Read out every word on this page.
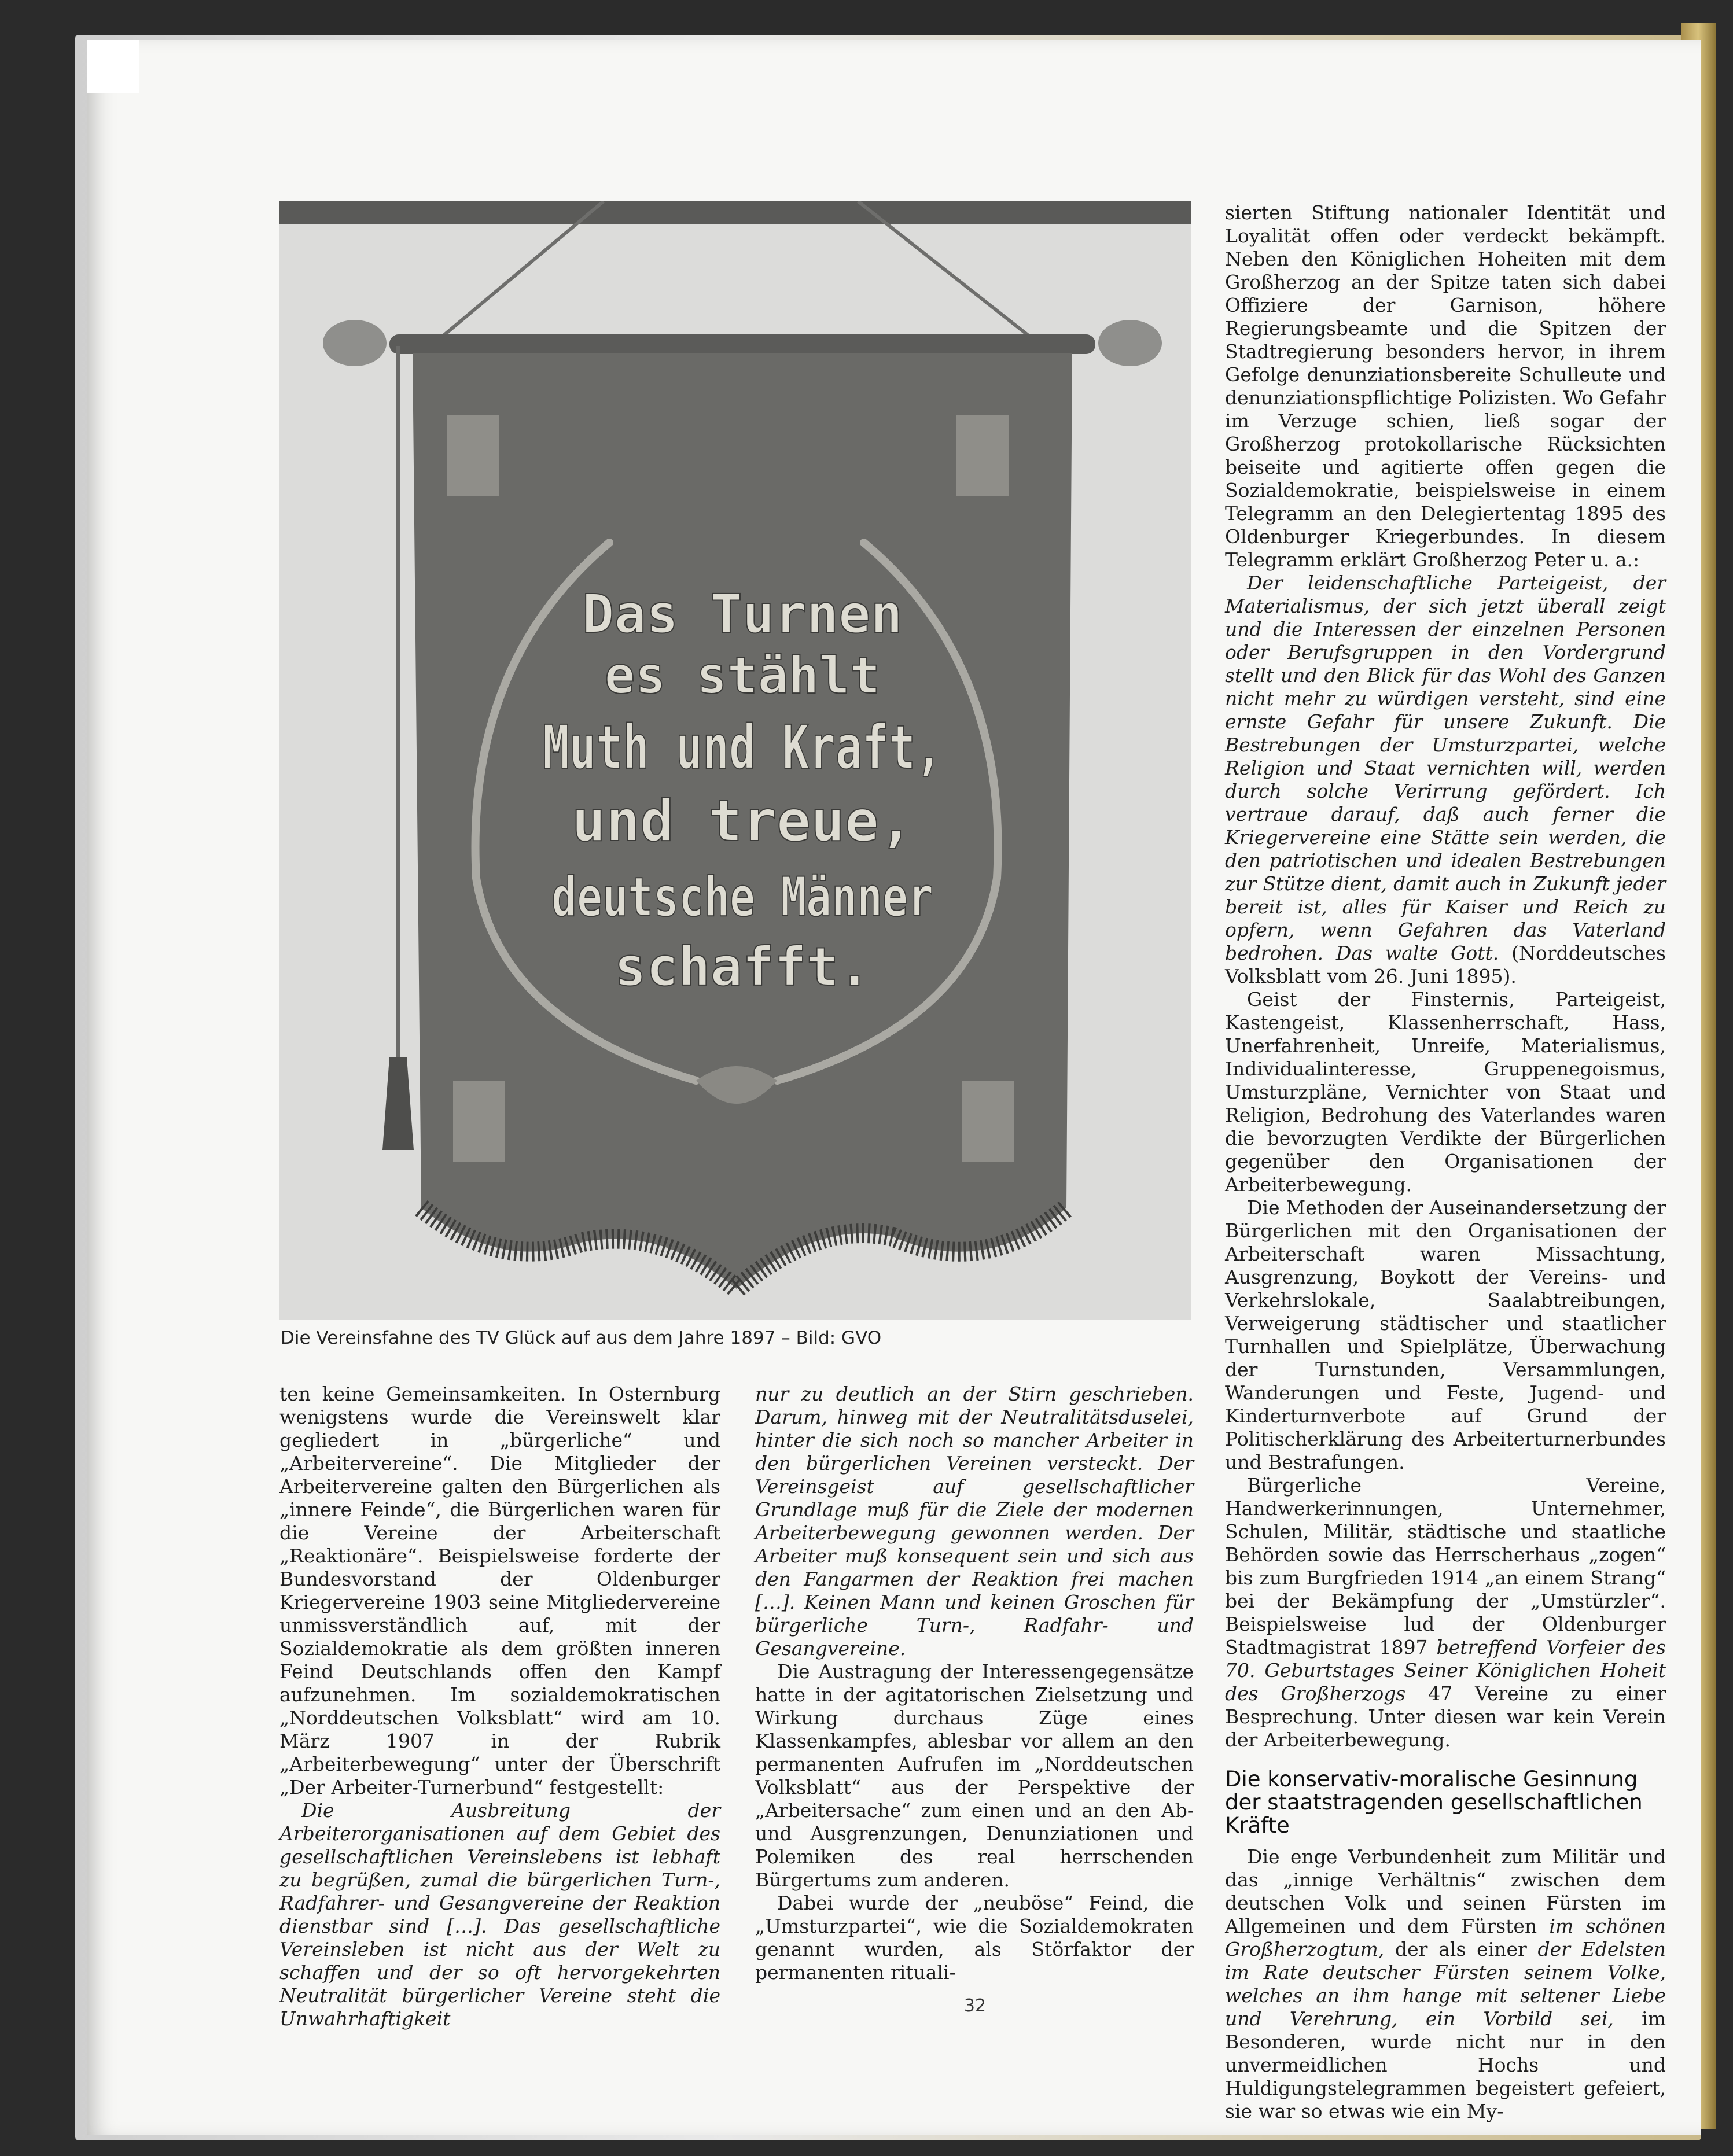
Das Turnen
es stählt
Muth und Kraft,
und treue,
deutsche Männer
schafft.
Die Vereinsfahne des TV Glück auf aus dem Jahre 1897 – Bild: GVO

ten keine Gemeinsamkeiten. In Osternburg wenigstens wurde die Vereinswelt klar gegliedert in „bürgerliche“ und „Arbeitervereine“. Die Mitglieder der Arbeitervereine galten den Bürgerlichen als „innere Feinde“, die Bürgerlichen waren für die Vereine der Arbeiterschaft „Reaktionäre“. Beispielsweise forderte der Bundesvorstand der Oldenburger Kriegervereine 1903 seine Mitgliedervereine unmissverständlich auf, mit der Sozialdemokratie als dem größten inneren Feind Deutschlands offen den Kampf aufzunehmen. Im sozialdemokratischen „Norddeutschen Volksblatt“ wird am 10. März 1907 in der Rubrik „Arbeiterbewegung“ unter der Überschrift „Der Arbeiter-Turnerbund“ festgestellt:

Die Ausbreitung der Arbeiterorganisationen auf dem Gebiet des gesellschaftlichen Vereinslebens ist lebhaft zu begrüßen, zumal die bürgerlichen Turn-, Radfahrer- und Gesangvereine der Reaktion dienstbar sind […]. Das gesellschaftliche Vereinsleben ist nicht aus der Welt zu schaffen und der so oft hervorgekehrten Neutralität bürgerlicher Vereine steht die Unwahrhaftigkeit

nur zu deutlich an der Stirn geschrieben. Darum, hinweg mit der Neutralitätsduselei, hinter die sich noch so mancher Arbeiter in den bürgerlichen Vereinen versteckt. Der Vereinsgeist auf gesellschaftlicher Grundlage muß für die Ziele der modernen Arbeiterbewegung gewonnen werden. Der Arbeiter muß konsequent sein und sich aus den Fangarmen der Reaktion frei machen […]. Keinen Mann und keinen Groschen für bürgerliche Turn-, Radfahr- und Gesangvereine.

Die Austragung der Interessengegensätze hatte in der agitatorischen Zielsetzung und Wirkung durchaus Züge eines Klassenkampfes, ablesbar vor allem an den permanenten Aufrufen im „Norddeutschen Volksblatt“ aus der Perspektive der „Arbeitersache“ zum einen und an den Ab- und Ausgrenzungen, Denunziationen und Polemiken des real herrschenden Bürgertums zum anderen.

Dabei wurde der „neuböse“ Feind, die „Umsturzpartei“, wie die Sozialdemokraten genannt wurden, als Störfaktor der permanenten rituali-

sierten Stiftung nationaler Identität und Loyalität offen oder verdeckt bekämpft. Neben den Königlichen Hoheiten mit dem Großherzog an der Spitze taten sich dabei Offiziere der Garnison, höhere Regierungsbeamte und die Spitzen der Stadtregierung besonders hervor, in ihrem Gefolge denunziationsbereite Schulleute und denunziationspflichtige Polizisten. Wo Gefahr im Verzuge schien, ließ sogar der Großherzog protokollarische Rücksichten beiseite und agitierte offen gegen die Sozialdemokratie, beispielsweise in einem Telegramm an den Delegiertentag 1895 des Oldenburger Kriegerbundes. In diesem Telegramm erklärt Großherzog Peter u. a.:

Der leidenschaftliche Parteigeist, der Materialismus, der sich jetzt überall zeigt und die Interessen der einzelnen Personen oder Berufsgruppen in den Vordergrund stellt und den Blick für das Wohl des Ganzen nicht mehr zu würdigen versteht, sind eine ernste Gefahr für unsere Zukunft. Die Bestrebungen der Umsturzpartei, welche Religion und Staat vernichten will, werden durch solche Verirrung gefördert. Ich vertraue darauf, daß auch ferner die Kriegervereine eine Stätte sein werden, die den patriotischen und idealen Bestrebungen zur Stütze dient, damit auch in Zukunft jeder bereit ist, alles für Kaiser und Reich zu opfern, wenn Gefahren das Vaterland bedrohen. Das walte Gott. (Norddeutsches Volksblatt vom 26. Juni 1895).

Geist der Finsternis, Parteigeist, Kastengeist, Klassenherrschaft, Hass, Unerfahrenheit, Unreife, Materialismus, Individualinteresse, Gruppenegoismus, Umsturzpläne, Vernichter von Staat und Religion, Bedrohung des Vaterlandes waren die bevorzugten Verdikte der Bürgerlichen gegenüber den Organisationen der Arbeiterbewegung.

Die Methoden der Auseinandersetzung der Bürgerlichen mit den Organisationen der Arbeiterschaft waren Missachtung, Ausgrenzung, Boykott der Vereins- und Verkehrslokale, Saalabtreibungen, Verweigerung städtischer und staatlicher Turnhallen und Spielplätze, Überwachung der Turnstunden, Versammlungen, Wanderungen und Feste, Jugend- und Kinderturnverbote auf Grund der Politischerklärung des Arbeiterturnerbundes und Bestrafungen.

Bürgerliche Vereine, Handwerkerinnungen, Unternehmer, Schulen, Militär, städtische und staatliche Behörden sowie das Herrscherhaus „zogen“ bis zum Burgfrieden 1914 „an einem Strang“ bei der Bekämpfung der „Umstürzler“. Beispielsweise lud der Oldenburger Stadtmagistrat 1897 betreffend Vorfeier des 70. Geburtstages Seiner Königlichen Hoheit des Großherzogs 47 Vereine zu einer Besprechung. Unter diesen war kein Verein der Arbeiterbewegung.

Die konservativ-moralische Gesinnung der staatstragenden gesellschaftlichen Kräfte

Die enge Verbundenheit zum Militär und das „innige Verhältnis“ zwischen dem deutschen Volk und seinen Fürsten im Allgemeinen und dem Fürsten im schönen Großherzogtum, der als einer der Edelsten im Rate deutscher Fürsten seinem Volke, welches an ihm hange mit seltener Liebe und Verehrung, ein Vorbild sei, im Besonderen, wurde nicht nur in den unvermeidlichen Hochs und Huldigungstelegrammen begeistert gefeiert, sie war so etwas wie ein My-

32
